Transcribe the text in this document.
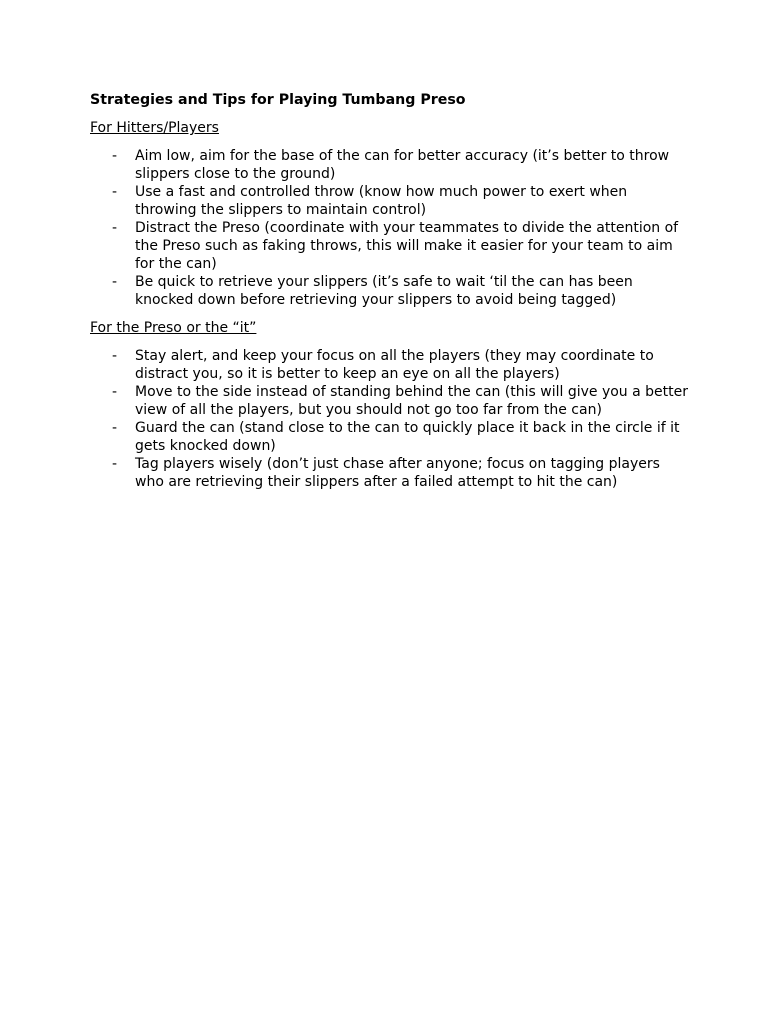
Strategies and Tips for Playing Tumbang Preso
For Hitters/Players
- Aim low, aim for the base of the can for better accuracy (it’s better to throw slippers close to the ground)
- Use a fast and controlled throw (know how much power to exert when throwing the slippers to maintain control)
- Distract the Preso (coordinate with your teammates to divide the attention of the Preso such as faking throws, this will make it easier for your team to aim for the can)
- Be quick to retrieve your slippers (it’s safe to wait ‘til the can has been knocked down before retrieving your slippers to avoid being tagged)
For the Preso or the “it”
- Stay alert, and keep your focus on all the players (they may coordinate to distract you, so it is better to keep an eye on all the players)
- Move to the side instead of standing behind the can (this will give you a better view of all the players, but you should not go too far from the can)
- Guard the can (stand close to the can to quickly place it back in the circle if it gets knocked down)
- Tag players wisely (don’t just chase after anyone; focus on tagging players who are retrieving their slippers after a failed attempt to hit the can)
